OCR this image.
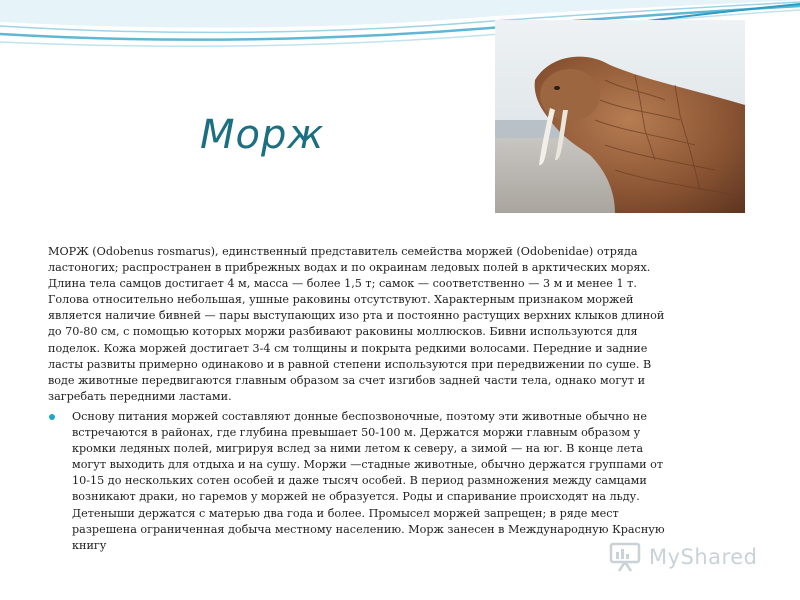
Морж

МОРЖ (Odobenus rosmarus), единственный представитель семейства моржей (Odobenidae) отряда ластоногих; распространен в прибрежных водах и по окраинам ледовых полей в арктических морях. Длина тела самцов достигает 4 м, масса — более 1,5 т; самок — соответственно — 3 м и менее 1 т. Голова относительно небольшая, ушные раковины отсутствуют. Характерным признаком моржей является наличие бивней — пары выступающих изо рта и постоянно растущих верхних клыков длиной до 70-80 см, с помощью которых моржи разбивают раковины моллюсков. Бивни используются для поделок. Кожа моржей достигает 3-4 см толщины и покрыта редкими волосами. Передние и задние ласты развиты примерно одинаково и в равной степени используются при передвижении по суше. В воде животные передвигаются главным образом за счет изгибов задней части тела, однако могут и загребать передними ластами.

Основу питания моржей составляют донные беспозвоночные, поэтому эти животные обычно не встречаются в районах, где глубина превышает 50-100 м. Держатся моржи главным образом у кромки ледяных полей, мигрируя вслед за ними летом к северу, а зимой — на юг. В конце лета могут выходить для отдыха и на сушу. Моржи —стадные животные, обычно держатся группами от 10-15 до нескольких сотен особей и даже тысяч особей. В период размножения между самцами возникают драки, но гаремов у моржей не образуется. Роды и спаривание происходят на льду. Детеныши держатся с матерью два года и более. Промысел моржей запрещен; в ряде мест разрешена ограниченная добыча местному населению. Морж занесен в Международную Красную книгу	MyShared
